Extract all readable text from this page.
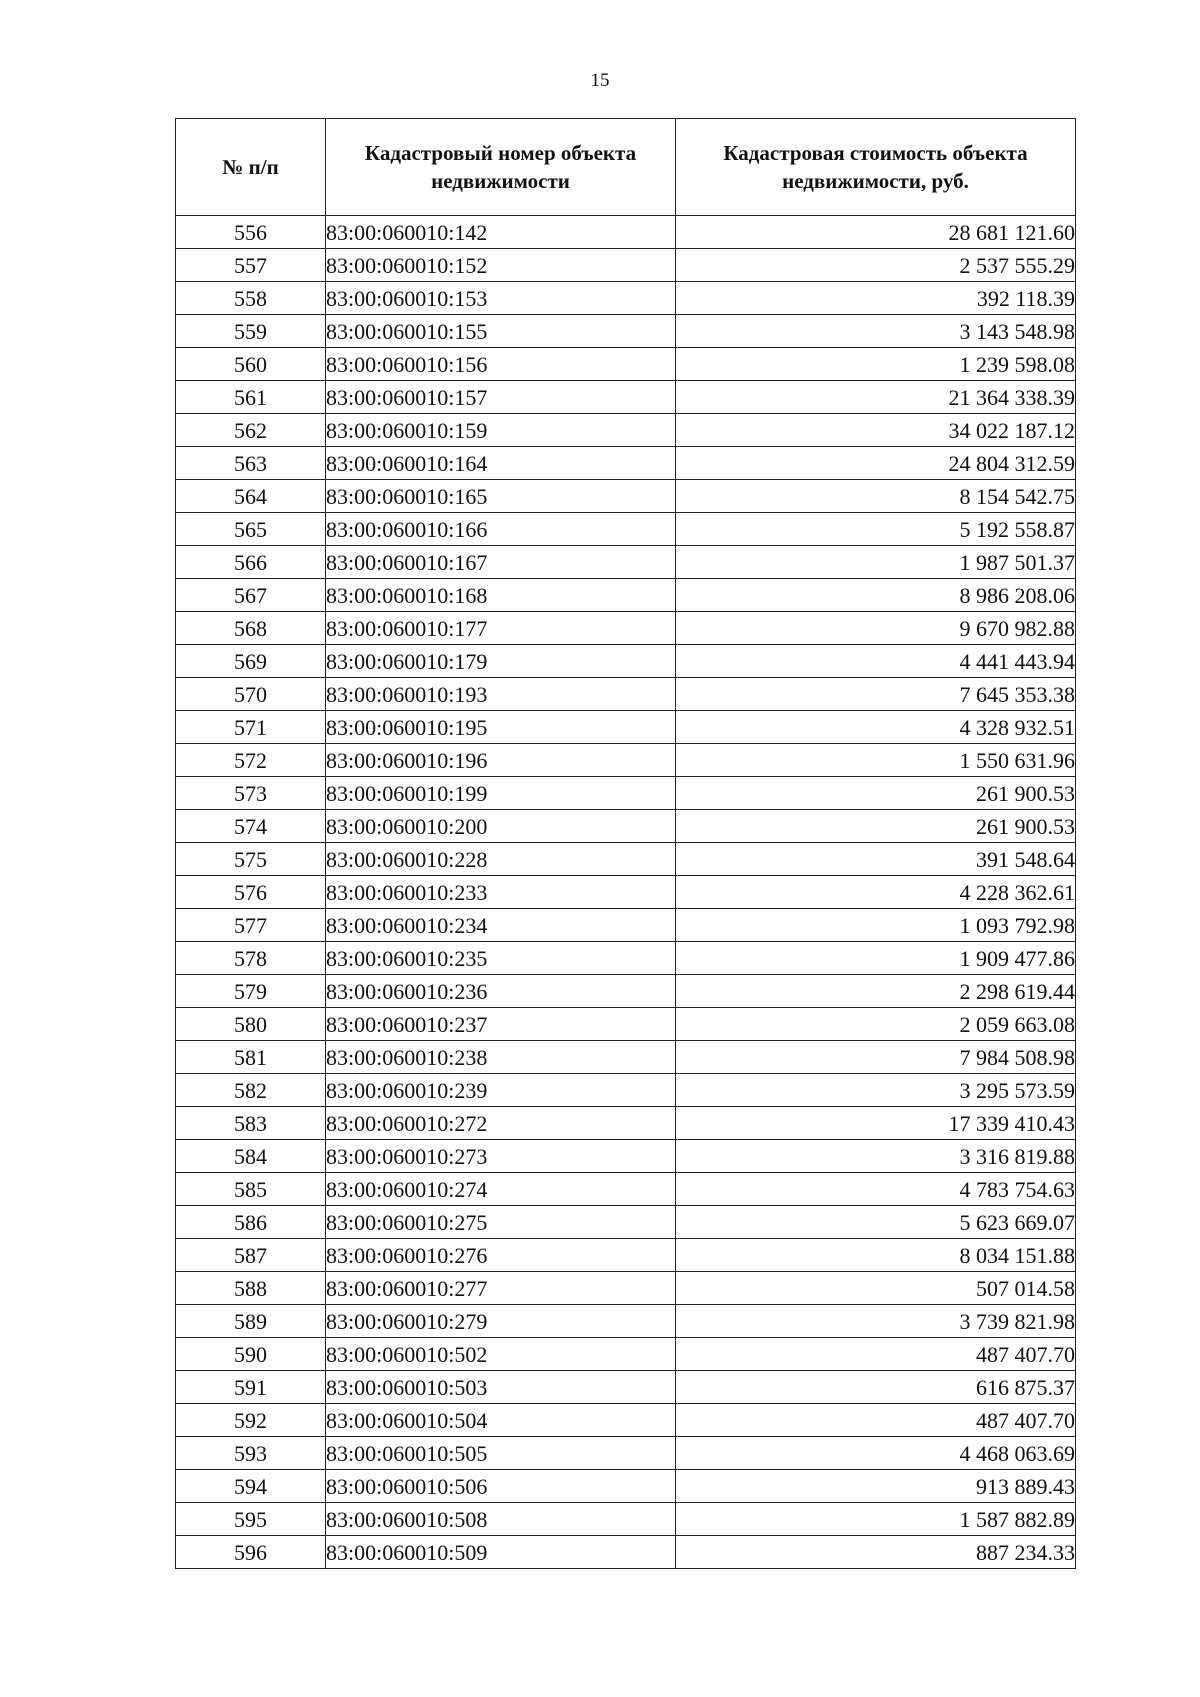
15
№ п/п	Кадастровый номер объекта недвижимости	Кадастровая стоимость объекта недвижимости, руб.
556	83:00:060010:142	28 681 121.60
557	83:00:060010:152	2 537 555.29
558	83:00:060010:153	392 118.39
559	83:00:060010:155	3 143 548.98
560	83:00:060010:156	1 239 598.08
561	83:00:060010:157	21 364 338.39
562	83:00:060010:159	34 022 187.12
563	83:00:060010:164	24 804 312.59
564	83:00:060010:165	8 154 542.75
565	83:00:060010:166	5 192 558.87
566	83:00:060010:167	1 987 501.37
567	83:00:060010:168	8 986 208.06
568	83:00:060010:177	9 670 982.88
569	83:00:060010:179	4 441 443.94
570	83:00:060010:193	7 645 353.38
571	83:00:060010:195	4 328 932.51
572	83:00:060010:196	1 550 631.96
573	83:00:060010:199	261 900.53
574	83:00:060010:200	261 900.53
575	83:00:060010:228	391 548.64
576	83:00:060010:233	4 228 362.61
577	83:00:060010:234	1 093 792.98
578	83:00:060010:235	1 909 477.86
579	83:00:060010:236	2 298 619.44
580	83:00:060010:237	2 059 663.08
581	83:00:060010:238	7 984 508.98
582	83:00:060010:239	3 295 573.59
583	83:00:060010:272	17 339 410.43
584	83:00:060010:273	3 316 819.88
585	83:00:060010:274	4 783 754.63
586	83:00:060010:275	5 623 669.07
587	83:00:060010:276	8 034 151.88
588	83:00:060010:277	507 014.58
589	83:00:060010:279	3 739 821.98
590	83:00:060010:502	487 407.70
591	83:00:060010:503	616 875.37
592	83:00:060010:504	487 407.70
593	83:00:060010:505	4 468 063.69
594	83:00:060010:506	913 889.43
595	83:00:060010:508	1 587 882.89
596	83:00:060010:509	887 234.33
